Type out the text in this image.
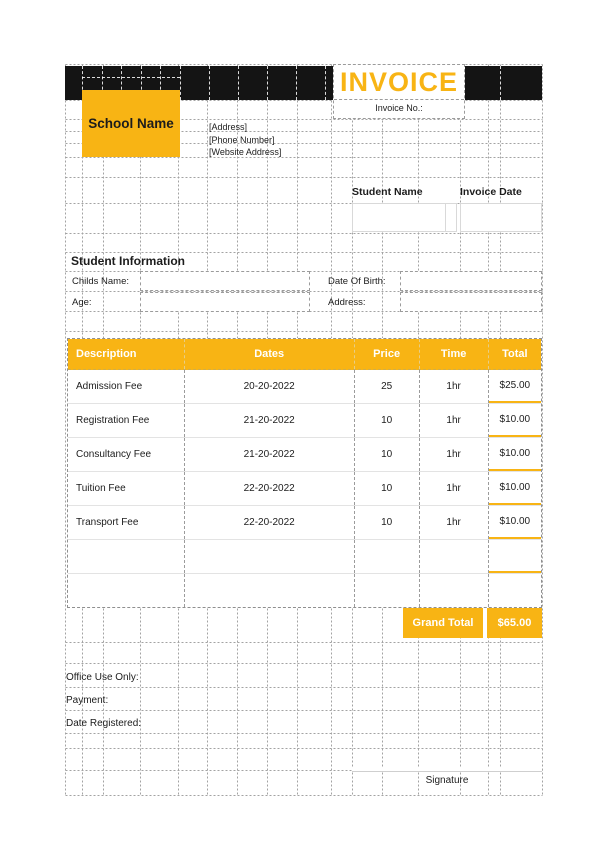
INVOICE
Invoice No.:
School Name	[Address]
[Phone Number]
[Website Address]
Student Name	Invoice Date
Student Information
Childs Name:	Date Of Birth:
Age:	Address:
Description	Dates	Price	Time	Total
Admission Fee	20-20-2022	25	1hr	$25.00
Registration Fee	21-20-2022	10	1hr	$10.00
Consultancy Fee	21-20-2022	10	1hr	$10.00
Tuition Fee	22-20-2022	10	1hr	$10.00
Transport Fee	22-20-2022	10	1hr	$10.00
Grand Total	$65.00
Office Use Only:
Payment:
Date Registered:
Signature
